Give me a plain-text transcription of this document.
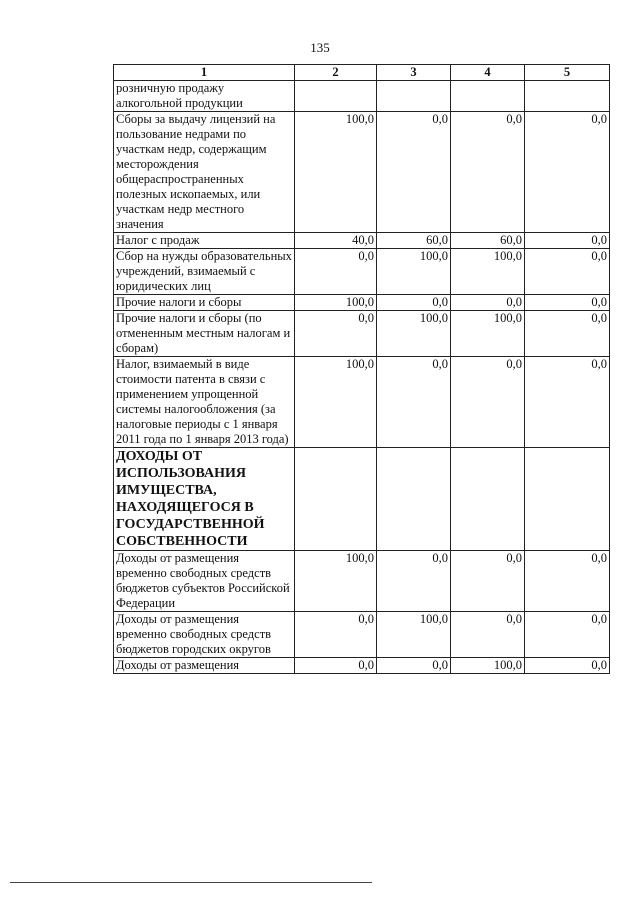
135
1	2	3	4	5
розничную продажу алкогольной продукции				
Сборы за выдачу лицензий на пользование недрами по участкам недр, содержащим месторождения общераспространенных полезных ископаемых, или участкам недр местного значения	100,0	0,0	0,0	0,0
Налог с продаж	40,0	60,0	60,0	0,0
Сбор на нужды образовательных учреждений, взимаемый с юридических лиц	0,0	100,0	100,0	0,0
Прочие налоги и сборы	100,0	0,0	0,0	0,0
Прочие налоги и сборы (по отмененным местным налогам и сборам)	0,0	100,0	100,0	0,0
Налог, взимаемый в виде стоимости патента в связи с применением упрощенной системы налогообложения (за налоговые периоды с 1 января 2011 года по 1 января 2013 года)	100,0	0,0	0,0	0,0
ДОХОДЫ ОТ ИСПОЛЬЗОВАНИЯ ИМУЩЕСТВА, НАХОДЯЩЕГОСЯ В ГОСУДАРСТВЕННОЙ СОБСТВЕННОСТИ				
Доходы от размещения временно свободных средств бюджетов субъектов Российской Федерации	100,0	0,0	0,0	0,0
Доходы от размещения временно свободных средств бюджетов городских округов	0,0	100,0	0,0	0,0
Доходы от размещения	0,0	0,0	100,0	0,0
